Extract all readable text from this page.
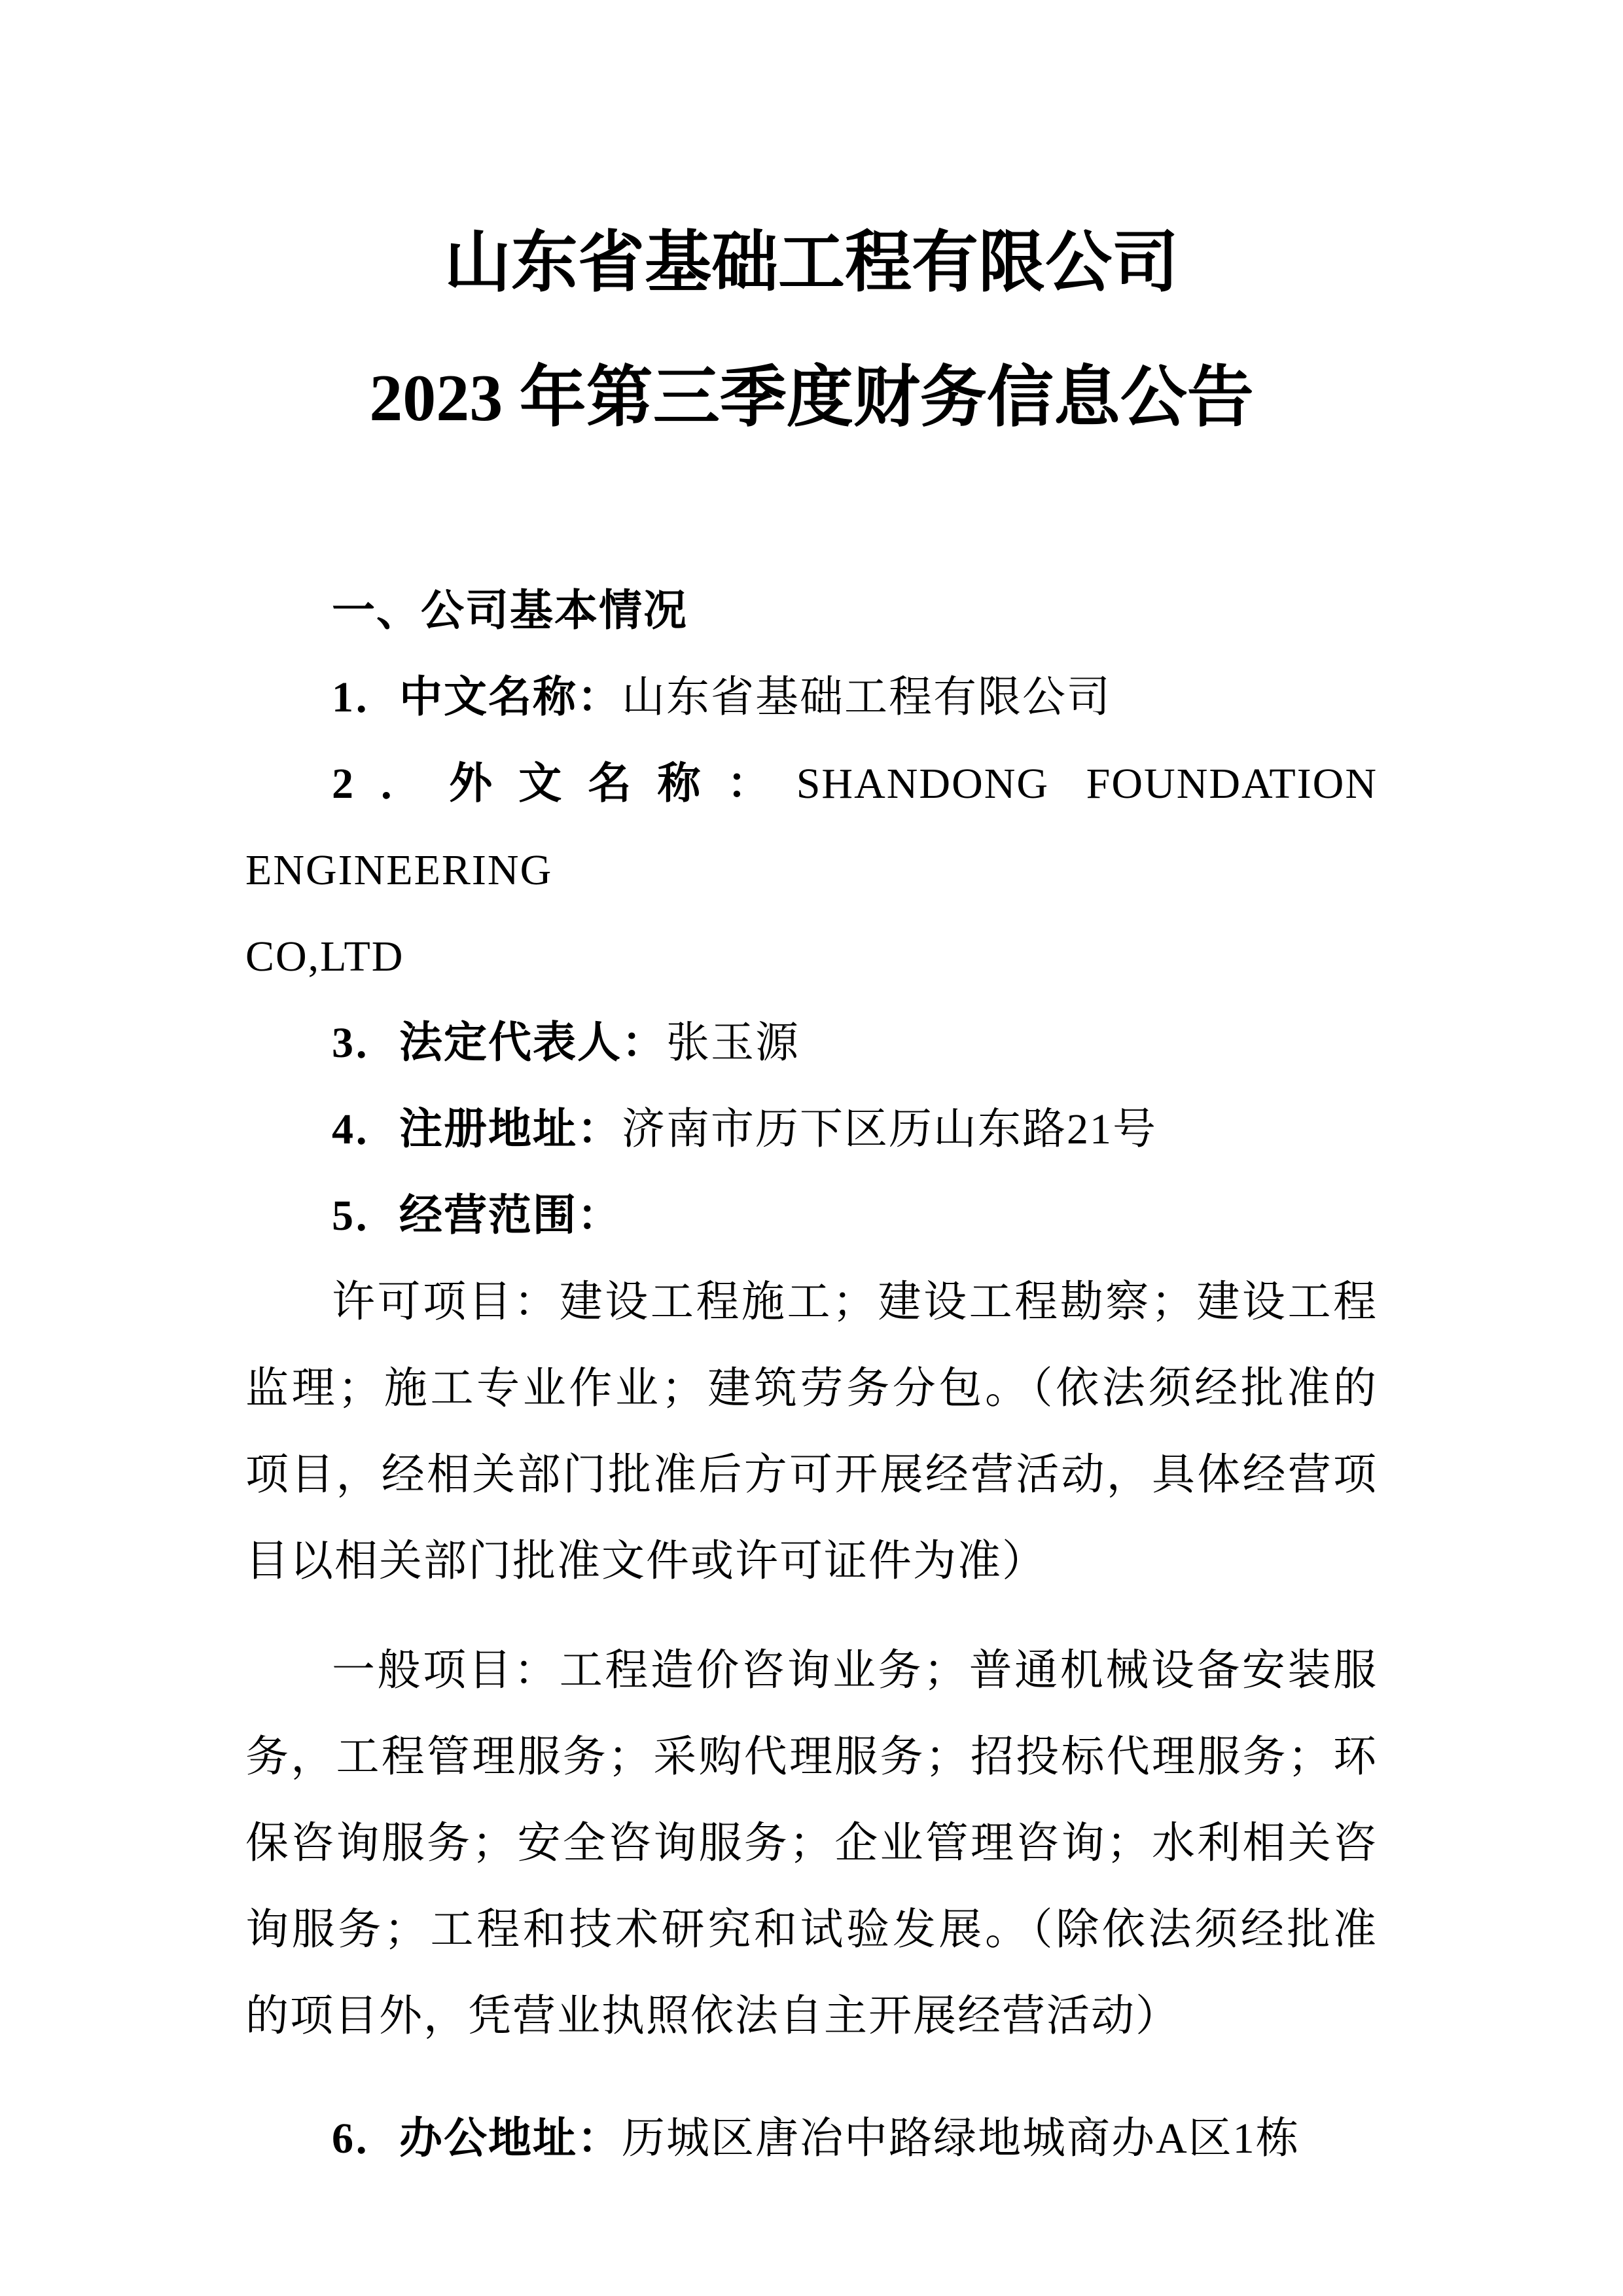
山东省基础工程有限公司
2023 年第三季度财务信息公告
一、公司基本情况
1．中文名称：山东省基础工程有限公司
2．外文名称：SHANDONG FOUNDATION ENGINEERING
CO,LTD
3．法定代表人：张玉源
4．注册地址：济南市历下区历山东路21号
5．经营范围：
许可项目：建设工程施工；建设工程勘察；建设工程
监理；施工专业作业；建筑劳务分包。（依法须经批准的
项目，经相关部门批准后方可开展经营活动，具体经营项
目以相关部门批准文件或许可证件为准）
一般项目：工程造价咨询业务；普通机械设备安装服
务，工程管理服务；采购代理服务；招投标代理服务；环
保咨询服务；安全咨询服务；企业管理咨询；水利相关咨
询服务；工程和技术研究和试验发展。（除依法须经批准
的项目外，凭营业执照依法自主开展经营活动）
6．办公地址：历城区唐冶中路绿地城商办A区1栋
